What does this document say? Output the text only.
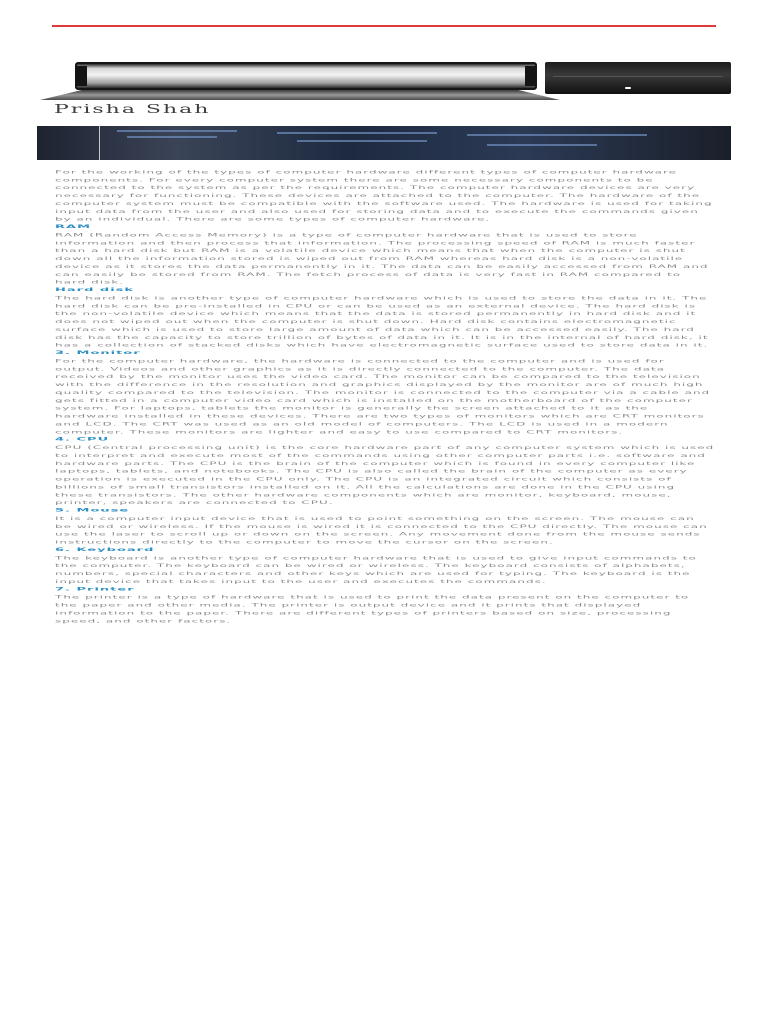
Prisha Shah

For the working of the types of computer hardware different types of computer hardware components. For every computer system there are some necessary components to be connected to the system as per the requirements. The computer hardware devices are very necessary for functioning. These devices are attached to the computer. The hardware of the computer system must be compatible with the software used. The hardware is used for taking input data from the user and also used for storing data and to execute the commands given by an individual. There are some types of computer hardware.

RAM

RAM (Random Access Memory) is a type of computer hardware that is used to store information and then process that information. The processing speed of RAM is much faster than a hard disk but RAM is a volatile device which means that when the computer is shut down all the information stored is wiped out from RAM whereas hard disk is a non-volatile device as it stores the data permanently in it. The data can be easily accessed from RAM and can easily be stored from RAM. The fetch process of data is very fast in RAM compared to hard disk.

Hard disk

The hard disk is another type of computer hardware which is used to store the data in it. The hard disk can be pre-installed in CPU or can be used as an external device. The hard disk is the non-volatile device which means that the data is stored permanently in hard disk and it does not wiped out when the computer is shut down. Hard disk contains electromagnetic surface which is used to store large amount of data which can be accessed easily. The hard disk has the capacity to store trillion of bytes of data in it. It is in the internal of hard disk, it has a collection of stacked disks which have electromagnetic surface used to store data in it.

3. Monitor

For the computer hardware, the hardware is connected to the computer and is used for output. Videos and other graphics as it is directly connected to the computer. The data received by the monitor uses the video card. The monitor can be compared to the television with the difference in the resolution and graphics displayed by the monitor are of much high quality compared to the television. The monitor is connected to the computer via a cable and gets fitted in a computer video card which is installed on the motherboard of the computer system. For laptops, tablets the monitor is generally the screen attached to it as the hardware installed in these devices. There are two types of monitors which are CRT monitors and LCD. The CRT was used as an old model of computers. The LCD is used in a modern computer. These monitors are lighter and easy to use compared to CRT monitors.

4. CPU

CPU (Central processing unit) is the core hardware part of any computer system which is used to interpret and execute most of the commands using other computer parts i.e. software and hardware parts. The CPU is the brain of the computer which is found in every computer like laptops, tablets, and notebooks. The CPU is also called the brain of the computer as every operation is executed in the CPU only. The CPU is an integrated circuit which consists of billions of small transistors installed on it. All the calculations are done in the CPU using these transistors. The other hardware components which are monitor, keyboard, mouse, printer, speakers are connected to CPU.

5. Mouse

It is a computer input device that is used to point something on the screen. The mouse can be wired or wireless. If the mouse is wired it is connected to the CPU directly. The mouse can use the laser to scroll up or down on the screen. Any movement done from the mouse sends instructions directly to the computer to move the cursor on the screen.

6. Keyboard

The keyboard is another type of computer hardware that is used to give input commands to the computer. The keyboard can be wired or wireless. The keyboard consists of alphabets, numbers, special characters and other keys which are used for typing. The keyboard is the input device that takes input to the user and executes the commands.

7. Printer

The printer is a type of hardware that is used to print the data present on the computer to the paper and other media. The printer is output device and it prints that displayed information to the paper. There are different types of printers based on size, processing speed, and other factors.
